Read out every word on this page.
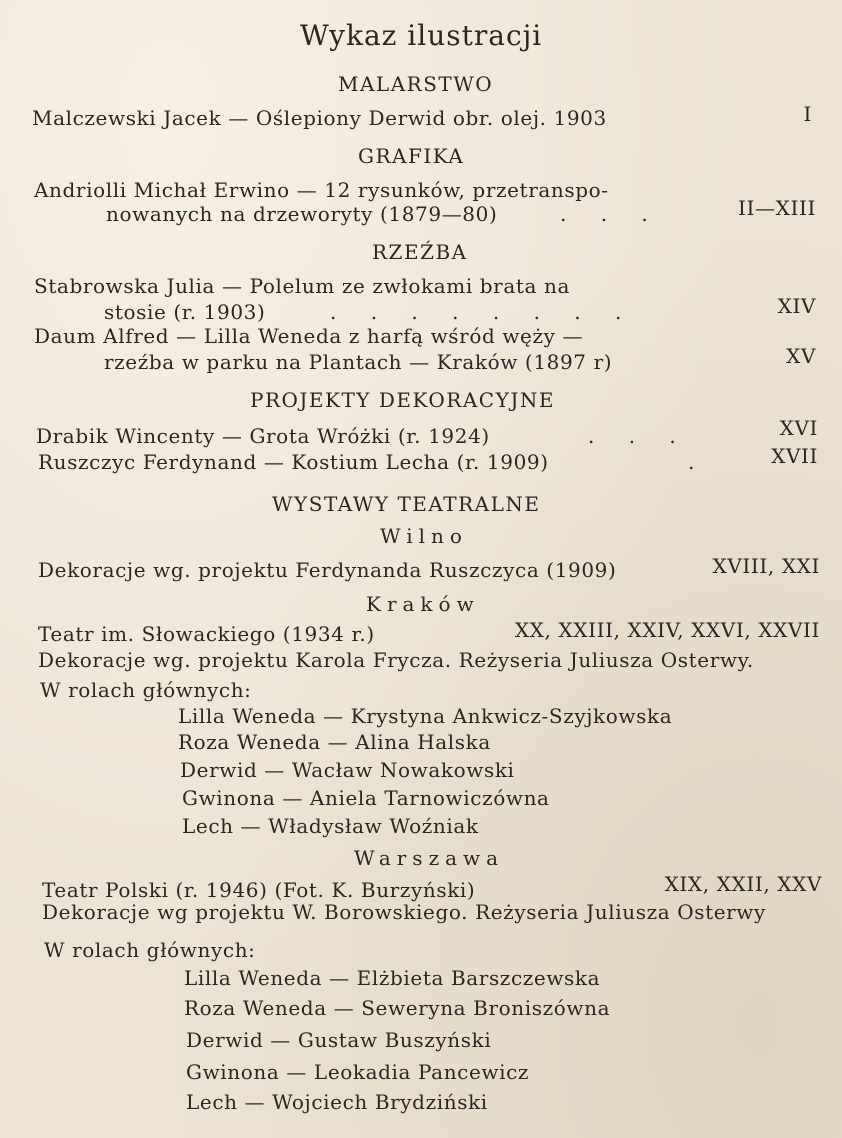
Wykaz ilustracji
MALARSTWO
Malczewski Jacek — Oślepiony Derwid obr. olej. 1903	I
GRAFIKA
Andriolli Michał Erwino — 12 rysunków, przetranspo-
nowanych na drzeworyty (1879—80)	. . .	II—XIII
RZEŹBA
Stabrowska Julia — Polelum ze zwłokami brata na
stosie (r. 1903)	. . . . . . . .	XIV
Daum Alfred — Lilla Weneda z harfą wśród węży —
rzeźba w parku na Plantach — Kraków (1897 r)	XV
PROJEKTY DEKORACYJNE
Drabik Wincenty — Grota Wróżki (r. 1924)	. . .	XVI
Ruszczyc Ferdynand — Kostium Lecha (r. 1909)	.	XVII
WYSTAWY TEATRALNE
Wilno
Dekoracje wg. projektu Ferdynanda Ruszczyca (1909)	XVIII, XXI
Kraków
Teatr im. Słowackiego (1934 r.)	XX, XXIII, XXIV, XXVI, XXVII
Dekoracje wg. projektu Karola Frycza. Reżyseria Juliusza Osterwy.
W rolach głównych:
Lilla Weneda — Krystyna Ankwicz-Szyjkowska
Roza Weneda — Alina Halska
Derwid — Wacław Nowakowski
Gwinona — Aniela Tarnowiczówna
Lech — Władysław Woźniak
Warszawa
Teatr Polski (r. 1946) (Fot. K. Burzyński)	XIX, XXII, XXV
Dekoracje wg projektu W. Borowskiego. Reżyseria Juliusza Osterwy
W rolach głównych:
Lilla Weneda — Elżbieta Barszczewska
Roza Weneda — Seweryna Broniszówna
Derwid — Gustaw Buszyński
Gwinona — Leokadia Pancewicz
Lech — Wojciech Brydziński
